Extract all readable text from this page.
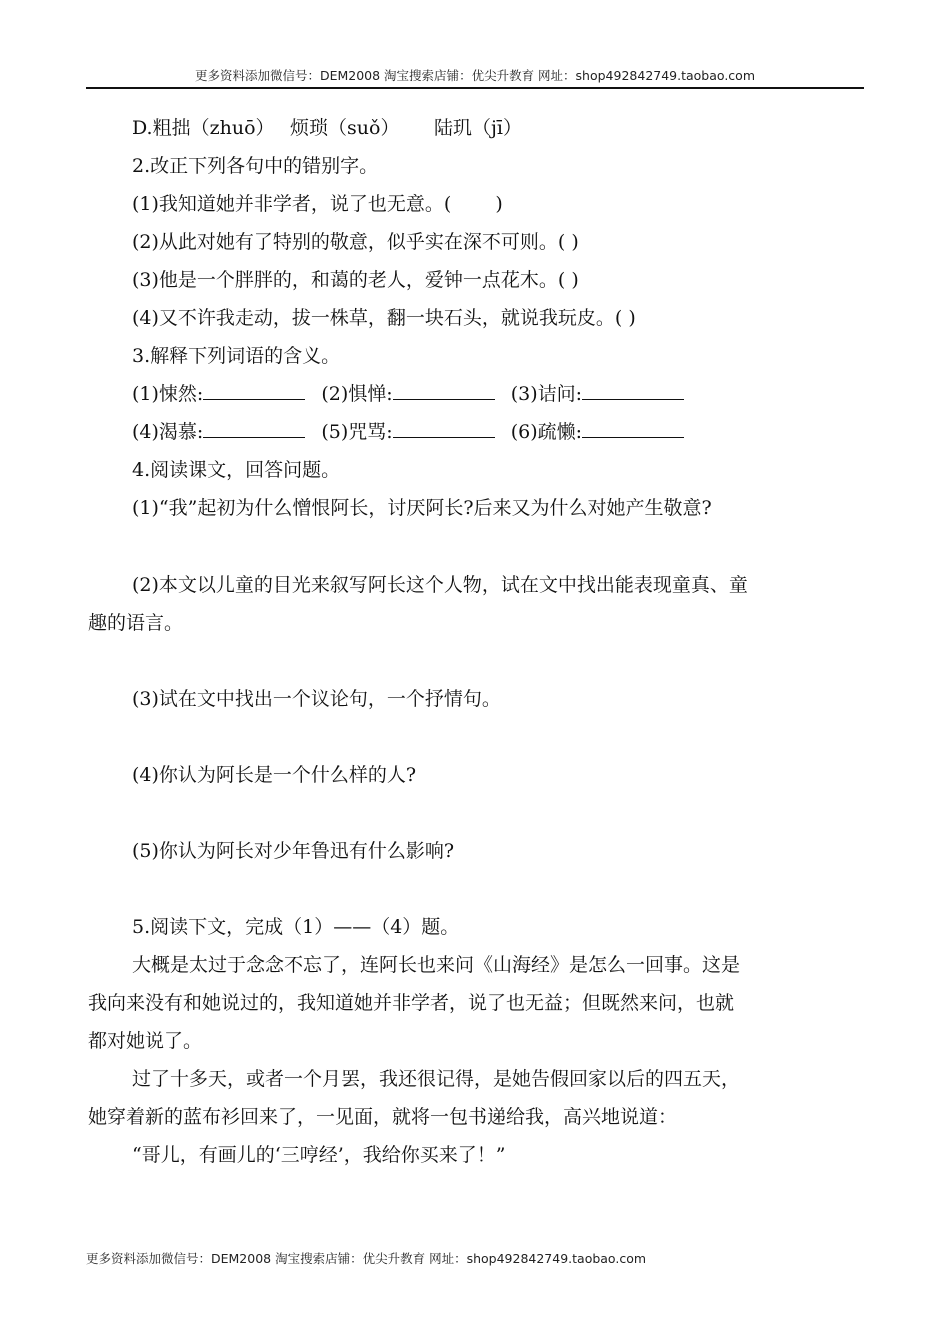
更多资料添加微信号：DEM2008 淘宝搜索店铺：优尖升教育 网址：shop492842749.taobao.com
D.粗拙（zhuō）　 烦琐（suǒ）　　 陆玑（jī）
2.改正下列各句中的错别字。
(1)我知道她并非学者，说了也无意。(　　 )
(2)从此对她有了特别的敬意，似乎实在深不可则。( )
(3)他是一个胖胖的，和蔼的老人，爱钟一点花木。( )
(4)又不许我走动，拔一株草，翻一块石头，就说我玩皮。( )
3.解释下列词语的含义。
(1)悚然:	(2)惧惮:	(3)诘问:
(4)渴慕:	(5)咒骂:	(6)疏懒:
4.阅读课文，回答问题。
(1)“我”起初为什么憎恨阿长，讨厌阿长?后来又为什么对她产生敬意?
(2)本文以儿童的目光来叙写阿长这个人物，试在文中找出能表现童真、童
趣的语言。
(3)试在文中找出一个议论句，一个抒情句。
(4)你认为阿长是一个什么样的人?
(5)你认为阿长对少年鲁迅有什么影响?
5.阅读下文，完成（1）——（4）题。
大概是太过于念念不忘了，连阿长也来问《山海经》是怎么一回事。这是
我向来没有和她说过的，我知道她并非学者，说了也无益；但既然来问，也就
都对她说了。
过了十多天，或者一个月罢，我还很记得，是她告假回家以后的四五天，
她穿着新的蓝布衫回来了，一见面，就将一包书递给我，高兴地说道：
“哥儿，有画儿的‘三哼经’，我给你买来了！”
更多资料添加微信号：DEM2008 淘宝搜索店铺：优尖升教育 网址：shop492842749.taobao.com
